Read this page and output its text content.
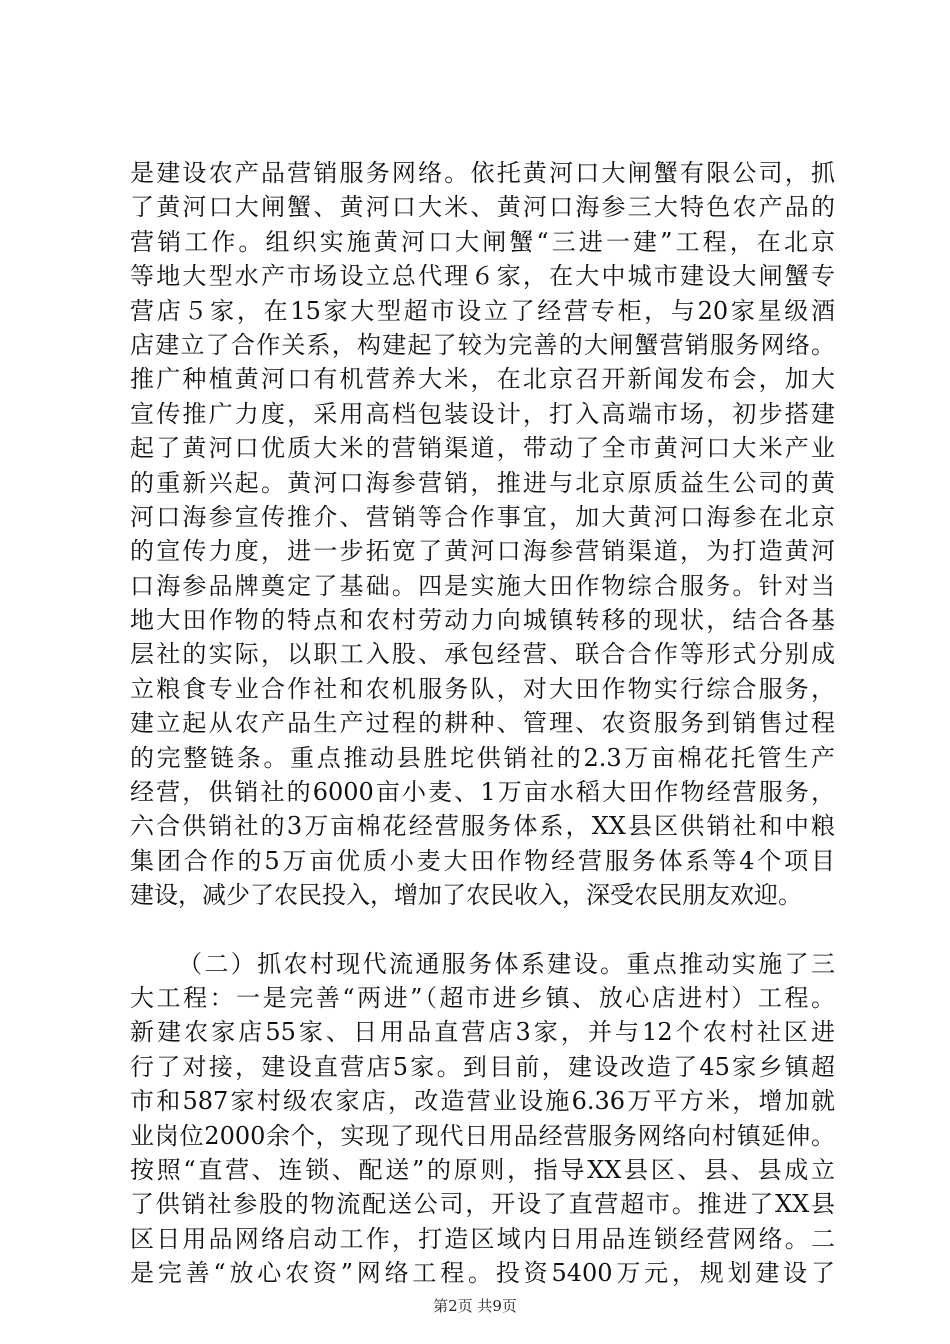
是建设农产品营销服务网络。依托黄河口大闸蟹有限公司，抓
了黄河口大闸蟹、黄河口大米、黄河口海参三大特色农产品的
营销工作。组织实施黄河口大闸蟹“三进一建”工程，在北京
等地大型水产市场设立总代理６家，在大中城市建设大闸蟹专
营店５家，在15家大型超市设立了经营专柜，与20家星级酒
店建立了合作关系，构建起了较为完善的大闸蟹营销服务网络。
推广种植黄河口有机营养大米，在北京召开新闻发布会，加大
宣传推广力度，采用高档包装设计，打入高端市场，初步搭建
起了黄河口优质大米的营销渠道，带动了全市黄河口大米产业
的重新兴起。黄河口海参营销，推进与北京原质益生公司的黄
河口海参宣传推介、营销等合作事宜，加大黄河口海参在北京
的宣传力度，进一步拓宽了黄河口海参营销渠道，为打造黄河
口海参品牌奠定了基础。四是实施大田作物综合服务。针对当
地大田作物的特点和农村劳动力向城镇转移的现状，结合各基
层社的实际，以职工入股、承包经营、联合合作等形式分别成
立粮食专业合作社和农机服务队，对大田作物实行综合服务，
建立起从农产品生产过程的耕种、管理、农资服务到销售过程
的完整链条。重点推动县胜坨供销社的2.3万亩棉花托管生产
经营，供销社的6000亩小麦、1万亩水稻大田作物经营服务，
六合供销社的3万亩棉花经营服务体系，XX县区供销社和中粮
集团合作的5万亩优质小麦大田作物经营服务体系等4个项目
建设，减少了农民投入，增加了农民收入，深受农民朋友欢迎。
（二）抓农村现代流通服务体系建设。重点推动实施了三
大工程：一是完善“两进”（超市进乡镇、放心店进村）工程。
新建农家店55家、日用品直营店3家，并与12个农村社区进
行了对接，建设直营店5家。到目前，建设改造了45家乡镇超
市和587家村级农家店，改造营业设施6.36万平方米，增加就
业岗位2000余个，实现了现代日用品经营服务网络向村镇延伸。
按照“直营、连锁、配送”的原则，指导XX县区、县、县成立
了供销社参股的物流配送公司，开设了直营超市。推进了XX县
区日用品网络启动工作，打造区域内日用品连锁经营网络。二
是完善“放心农资”网络工程。投资5400万元，规划建设了
第2页 共9页
